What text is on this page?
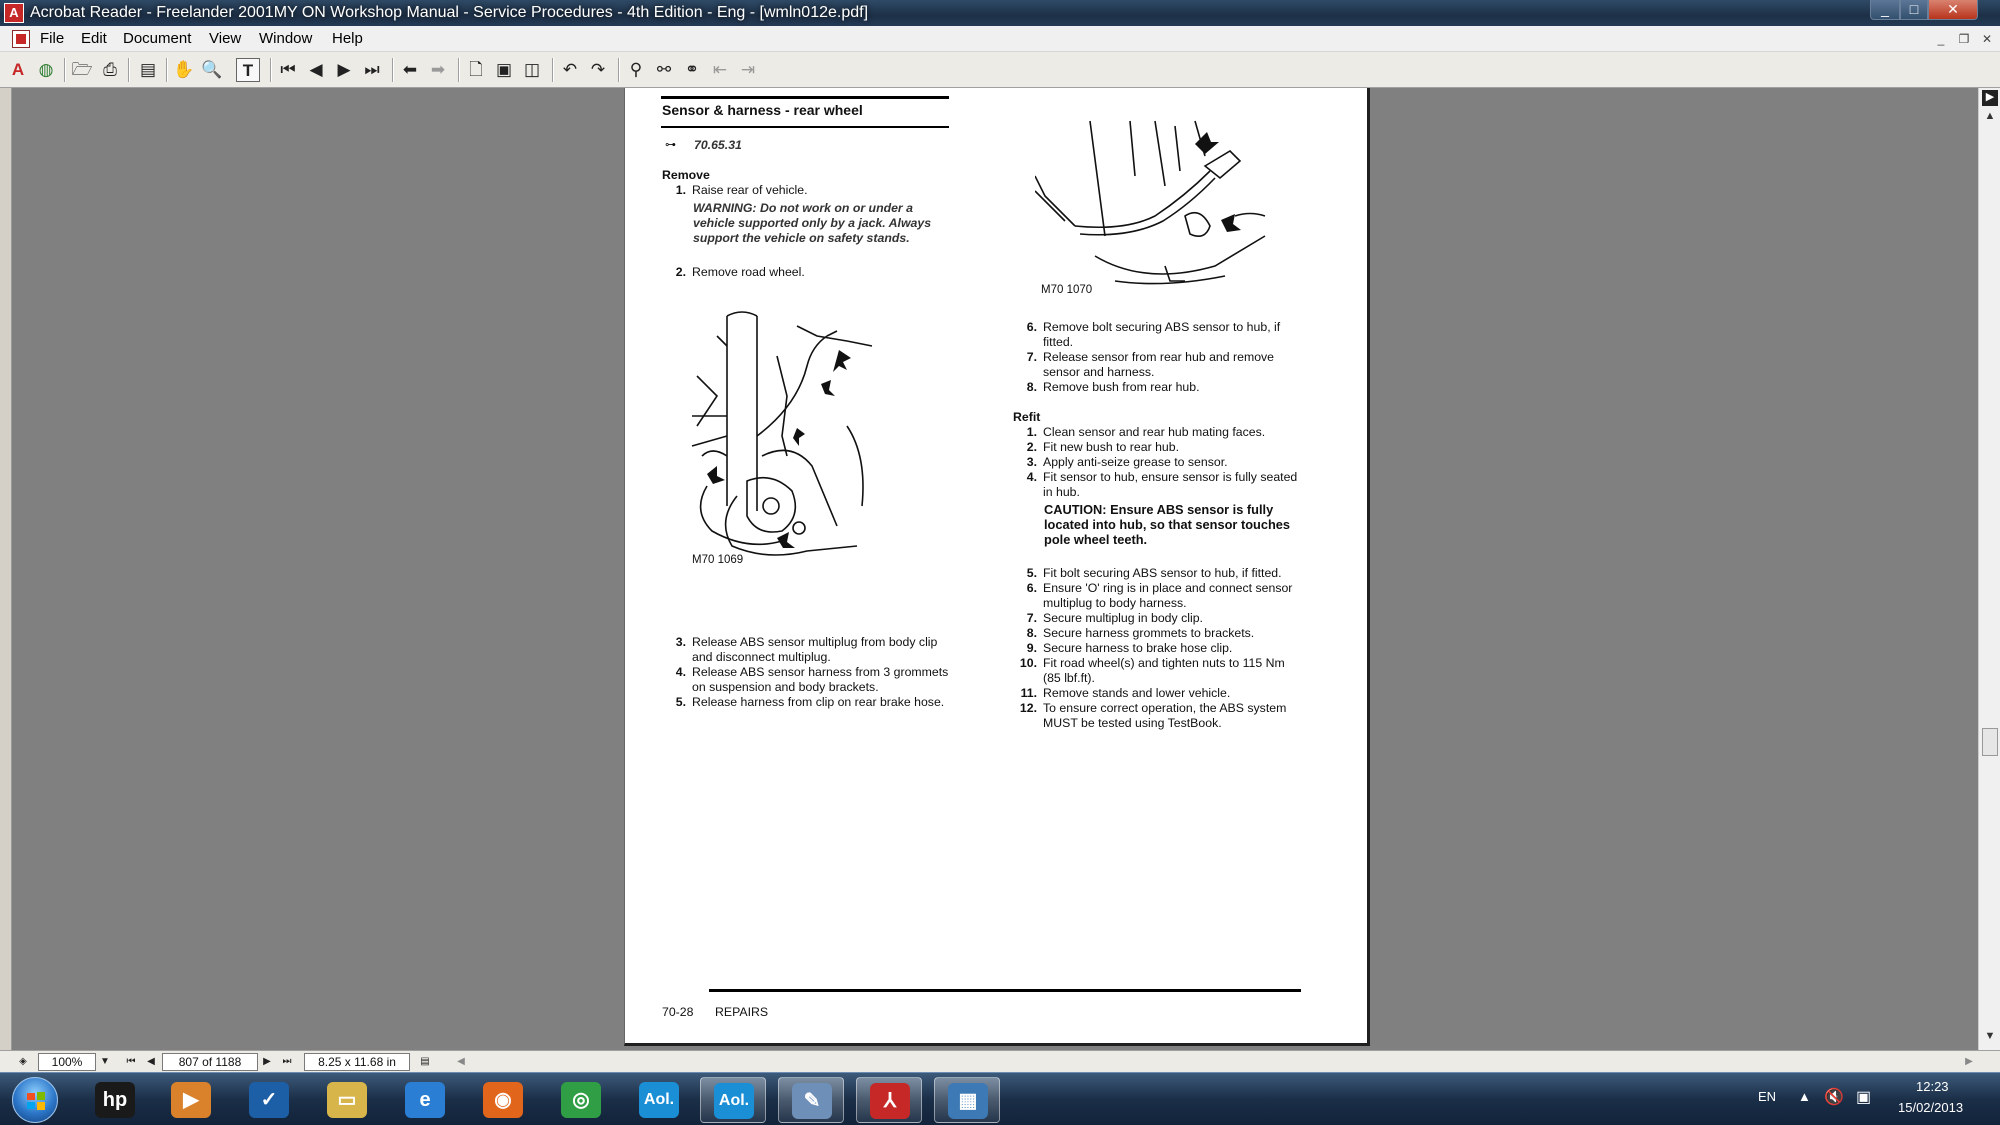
A Acrobat Reader - Freelander 2001MY ON Workshop Manual - Service Procedures - 4th Edition - Eng - [wmln012e.pdf]	_	□	✕
File Edit Document View Window Help	_	❐	✕
A ◍ 🗁 ⎙	▤ ✋ 🔍	T	⏮ ◀ ▶ ⏭ ⬅ ➡	🗋 ▣ ◫ ↶ ↷	⚲ ⚯ ⚭ ⇤ ⇥
▶
▲
▼
Sensor & harness - rear wheel
⊶ 70.65.31
Remove
1. Raise rear of vehicle.
WARNING: Do not work on or under a
vehicle supported only by a jack. Always
support the vehicle on safety stands.
2. Remove road wheel.
M70 1069
3. Release ABS sensor multiplug from body clip
and disconnect multiplug.
4. Release ABS sensor harness from 3 grommets
on suspension and body brackets.
5. Release harness from clip on rear brake hose.
M70 1070
6. Remove bolt securing ABS sensor to hub, if
fitted.
7. Release sensor from rear hub and remove
sensor and harness.
8. Remove bush from rear hub.
Refit
1. Clean sensor and rear hub mating faces.
2. Fit new bush to rear hub.
3. Apply anti-seize grease to sensor.
4. Fit sensor to hub, ensure sensor is fully seated
in hub.
CAUTION: Ensure ABS sensor is fully
located into hub, so that sensor touches
pole wheel teeth.
5. Fit bolt securing ABS sensor to hub, if fitted.
6. Ensure 'O' ring is in place and connect sensor
multiplug to body harness.
7. Secure multiplug in body clip.
8. Secure harness grommets to brackets.
9. Secure harness to brake hose clip.
10. Fit road wheel(s) and tighten nuts to 115 Nm
(85 lbf.ft).
11. Remove stands and lower vehicle.
12. To ensure correct operation, the ABS system
MUST be tested using TestBook.
70-28 REPAIRS
◈	100%	▼ ⏮	◀	807 of 1188	▶	⏭	8.25 x 11.68 in	▤	◀	▶
hp	▶	✓	▭	e	◉	◎	Aol.	Aol.	✎	⅄	▦	EN ▲ 🔇 ▣
12:23
15/02/2013
